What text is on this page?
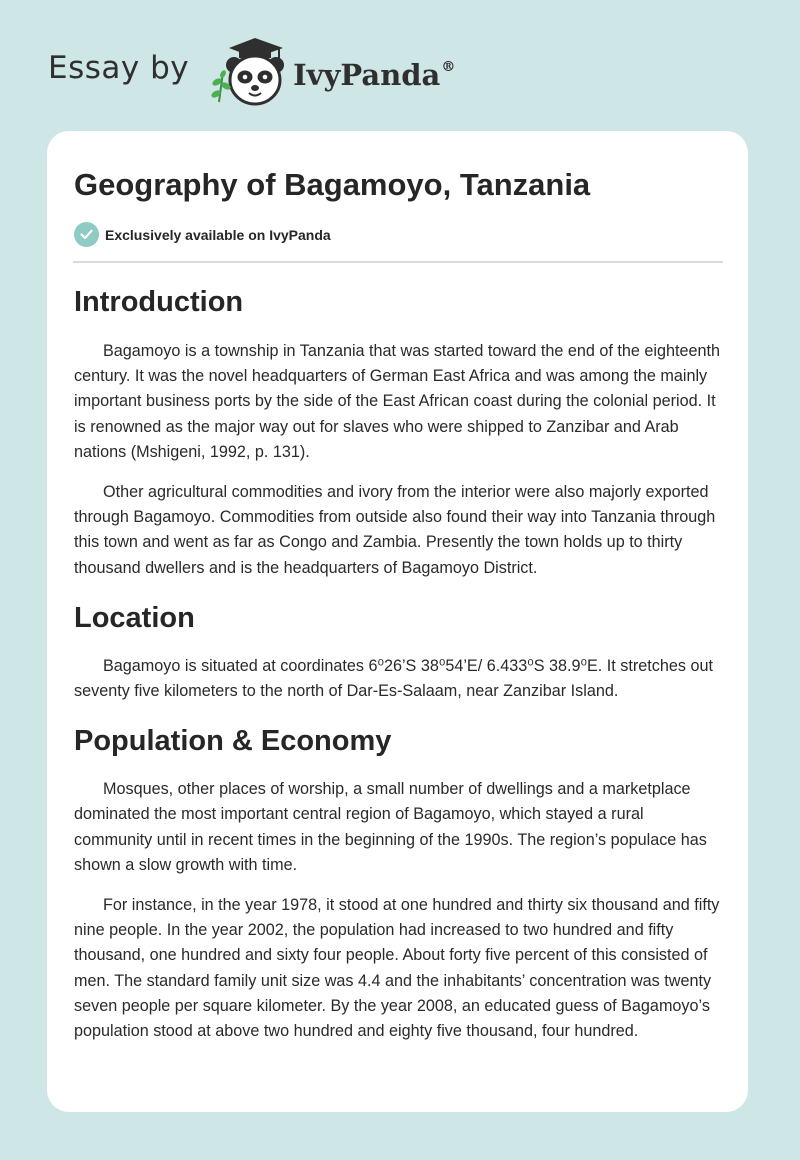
Essay by	IvyPanda®
Geography of Bagamoyo, Tanzania
Exclusively available on IvyPanda
Introduction

Bagamoyo is a township in Tanzania that was started toward the end of the eighteenth century. It was the novel headquarters of German East Africa and was among the mainly important business ports by the side of the East African coast during the colonial period. It is renowned as the major way out for slaves who were shipped to Zanzibar and Arab nations (Mshigeni, 1992, p. 131).

Other agricultural commodities and ivory from the interior were also majorly exported through Bagamoyo. Commodities from outside also found their way into Tanzania through this town and went as far as Congo and Zambia. Presently the town holds up to thirty thousand dwellers and is the headquarters of Bagamoyo District.

Location

Bagamoyo is situated at coordinates 6⁰26’S 38⁰54’E/ 6.433⁰S 38.9⁰E. It stretches out seventy five kilometers to the north of Dar-Es-Salaam, near Zanzibar Island.

Population & Economy

Mosques, other places of worship, a small number of dwellings and a marketplace dominated the most important central region of Bagamoyo, which stayed a rural community until in recent times in the beginning of the 1990s. The region’s populace has shown a slow growth with time.

For instance, in the year 1978, it stood at one hundred and thirty six thousand and fifty nine people. In the year 2002, the population had increased to two hundred and fifty thousand, one hundred and sixty four people. About forty five percent of this consisted of men. The standard family unit size was 4.4 and the inhabitants’ concentration was twenty seven people per square kilometer. By the year 2008, an educated guess of Bagamoyo’s population stood at above two hundred and eighty five thousand, four hundred.
